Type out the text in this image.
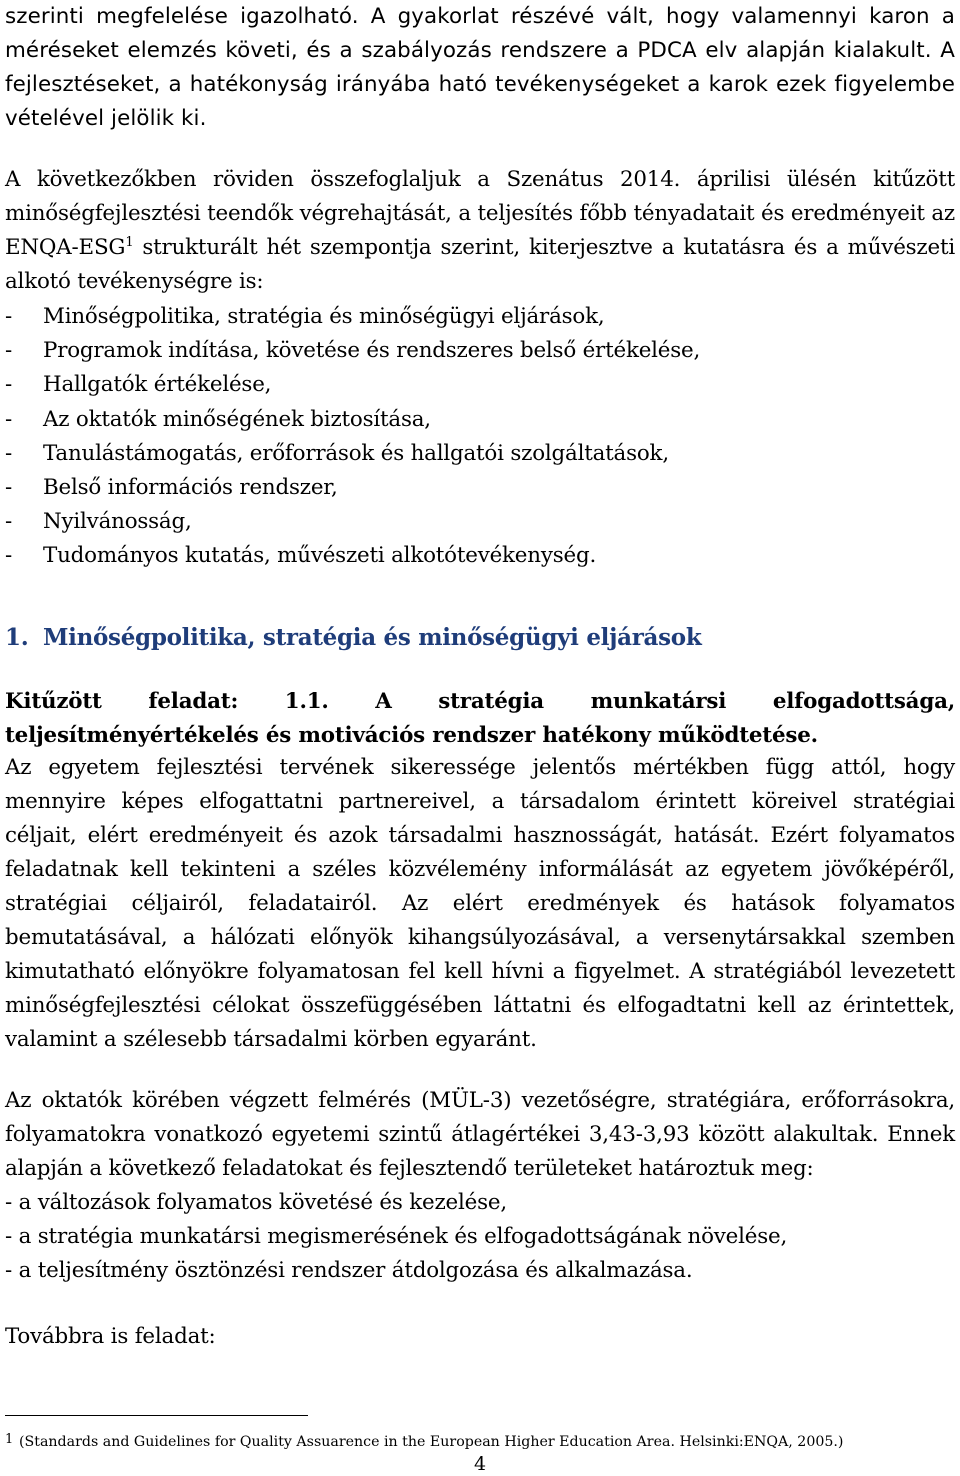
szerinti megfelelése igazolható. A gyakorlat részévé vált, hogy valamennyi karon a méréseket elemzés követi, és a szabályozás rendszere a PDCA elv alapján kialakult. A fejlesztéseket, a hatékonyság irányába ható tevékenységeket a karok ezek figyelembe vételével jelölik ki.

A következőkben röviden összefoglaljuk a Szenátus 2014. áprilisi ülésén kitűzött minőségfejlesztési teendők végrehajtását, a teljesítés főbb tényadatait és eredményeit az ENQA-ESG$^1$ strukturált hét szempontja szerint, kiterjesztve a kutatásra és a művészeti alkotó tevékenységre is:

- Minőségpolitika, stratégia és minőségügyi eljárások,
- Programok indítása, követése és rendszeres belső értékelése,
- Hallgatók értékelése,
- Az oktatók minőségének biztosítása,
- Tanulástámogatás, erőforrások és hallgatói szolgáltatások,
- Belső információs rendszer,
- Nyilvánosság,
- Tudományos kutatás, művészeti alkotótevékenység.
1. Minőségpolitika, stratégia és minőségügyi eljárások

Kitűzött feladat: 1.1. A stratégia munkatársi elfogadottsága, teljesítményértékelés és motivációs rendszer hatékony működtetése.

Az egyetem fejlesztési tervének sikeressége jelentős mértékben függ attól, hogy mennyire képes elfogattatni partnereivel, a társadalom érintett köreivel stratégiai céljait, elért eredményeit és azok társadalmi hasznosságát, hatását. Ezért folyamatos feladatnak kell tekinteni a széles közvélemény informálását az egyetem jövőképéről, stratégiai céljairól, feladatairól. Az elért eredmények és hatások folyamatos bemutatásával, a hálózati előnyök kihangsúlyozásával, a versenytársakkal szemben kimutatható előnyökre folyamatosan fel kell hívni a figyelmet. A stratégiából levezetett minőségfejlesztési célokat összefüggésében láttatni és elfogadtatni kell az érintettek, valamint a szélesebb társadalmi körben egyaránt.

Az oktatók körében végzett felmérés (MÜL-3) vezetőségre, stratégiára, erőforrásokra, folyamatokra vonatkozó egyetemi szintű átlagértékei 3,43-3,93 között alakultak. Ennek alapján a következő feladatokat és fejlesztendő területeket határoztuk meg:

- a változások folyamatos követésé és kezelése,
- a stratégia munkatársi megismerésének és elfogadottságának növelése,
- a teljesítmény ösztönzési rendszer átdolgozása és alkalmazása.

Továbbra is feladat:

1 (Standards and Guidelines for Quality Assuarence in the European Higher Education Area. Helsinki:ENQA, 2005.)
4
